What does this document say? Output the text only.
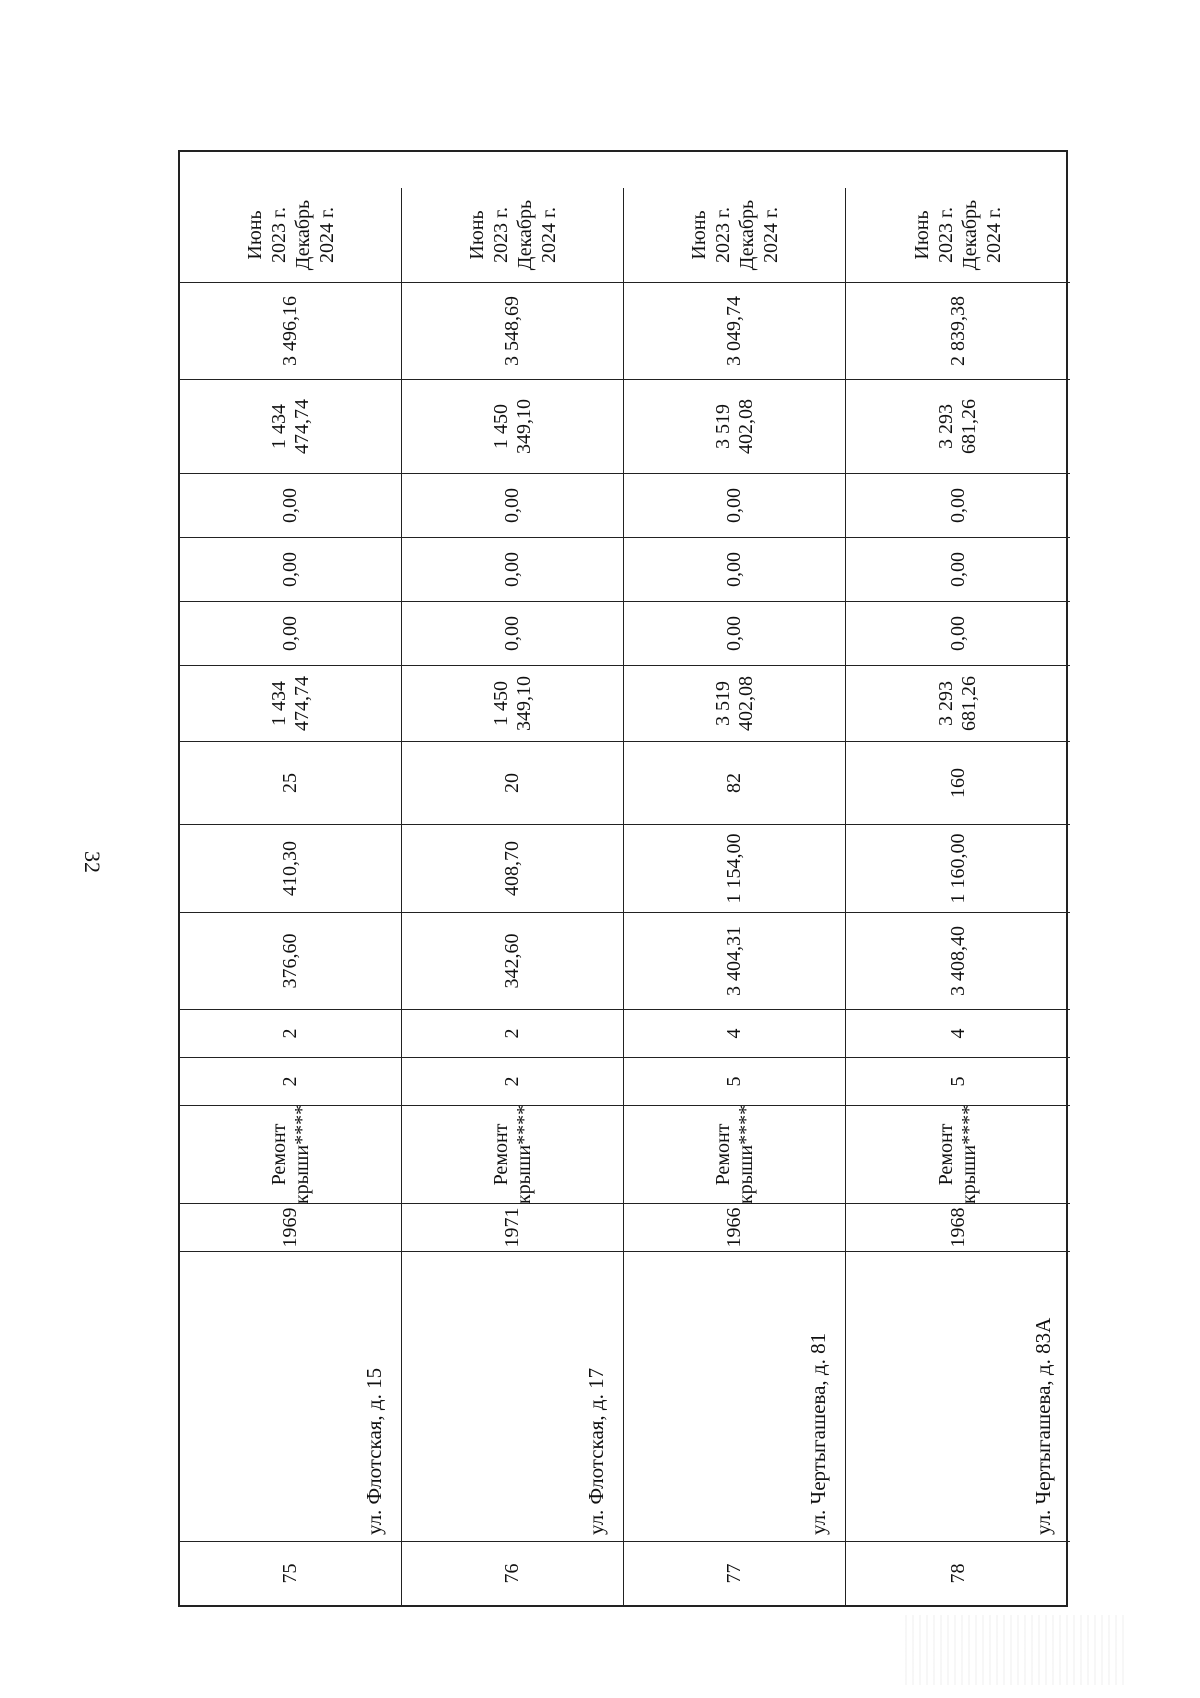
32
75
ул. Флотская, д. 15
1969
Ремонт крыши****
2
2
376,60
410,30
25
1 434 474,74
0,00
0,00
0,00
1 434 474,74
3 496,16
Июнь 2023 г. Декабрь 2024 г.
76
ул. Флотская, д. 17
1971
Ремонт крыши****
2
2
342,60
408,70
20
1 450 349,10
0,00
0,00
0,00
1 450 349,10
3 548,69
Июнь 2023 г. Декабрь 2024 г.
77
ул. Чертыгашева, д. 81
1966
Ремонт крыши****
5
4
3 404,31
1 154,00
82
3 519 402,08
0,00
0,00
0,00
3 519 402,08
3 049,74
Июнь 2023 г. Декабрь 2024 г.
78
ул. Чертыгашева, д. 83А
1968
Ремонт крыши****
5
4
3 408,40
1 160,00
160
3 293 681,26
0,00
0,00
0,00
3 293 681,26
2 839,38
Июнь 2023 г. Декабрь 2024 г.
